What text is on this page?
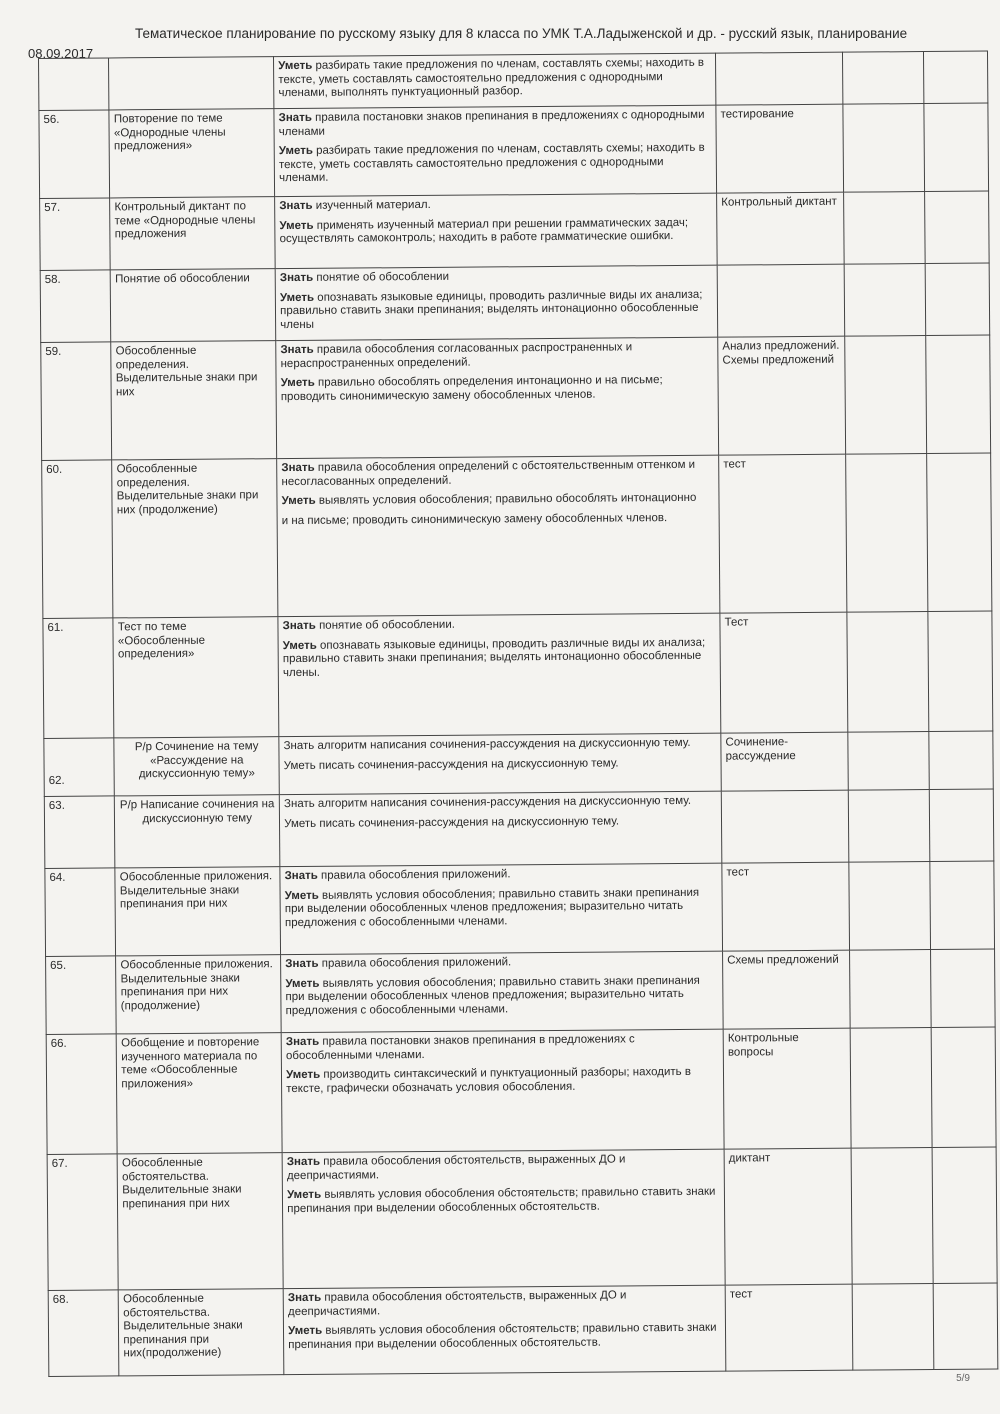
08.09.2017
Тематическое планирование по русскому языку для 8 класса по УМК Т.А.Ладыженской и др. - русский язык, планирование

		Уметь разбирать такие предложения по членам, составлять схемы; находить в тексте, уметь составлять самостоятельно предложения с однородными членами, выполнять пунктуационный разбор.			

56.	Повторение по теме «Однородные члены предложения»	Знать правила постановки знаков препинания в предложениях с однородными членами

Уметь разбирать такие предложения по членам, составлять схемы; находить в тексте, уметь составлять самостоятельно предложения с однородными членами.	тестирование		
57.	Контрольный диктант по теме «Однородные члены предложения	Знать изученный материал.

Уметь применять изученный материал при решении грамматических задач; осуществлять самоконтроль; находить в работе грамматические ошибки.	Контрольный диктант		
58.	Понятие об обособлении	Знать понятие об обособлении

Уметь опознавать языковые единицы, проводить различные виды их анализа; правильно ставить знаки препинания; выделять интонационно обособленные члены			

59.	Обособленные определения. Выделительные знаки при них	Знать правила обособления согласованных распространенных и нераспространенных определений.

Уметь правильно обособлять определения интонационно и на письме; проводить синонимическую замену обособленных членов.	Анализ предложений. Схемы предложений		
60.	Обособленные определения. Выделительные знаки при них (продолжение)	Знать правила обособления определений с обстоятельственным оттенком и несогласованных определений.

Уметь выявлять условия обособления; правильно обособлять интонационно

и на письме; проводить синонимическую замену обособленных членов.	тест		
61.	Тест по теме «Обособленные определения»	Знать понятие об обособлении.

Уметь опознавать языковые единицы, проводить различные виды их анализа; правильно ставить знаки препинания; выделять интонационно обособленные члены.	Тест		
62.	Р/р Сочинение на тему «Рассуждение на дискуссионную тему»	Знать алгоритм написания сочинения-рассуждения на дискуссионную тему.

Уметь писать сочинения-рассуждения на дискуссионную тему.	Сочинение-рассуждение		
63.	Р/р Написание сочинения на дискуссионную тему	Знать алгоритм написания сочинения-рассуждения на дискуссионную тему.

Уметь писать сочинения-рассуждения на дискуссионную тему.			

64.	Обособленные приложения. Выделительные знаки препинания при них	Знать правила обособления приложений.

Уметь выявлять условия обособления; правильно ставить знаки препинания при выделении обособленных членов предложения; выразительно читать предложения с обособленными членами.	тест		
65.	Обособленные приложения. Выделительные знаки препинания при них (продолжение)	Знать правила обособления приложений.

Уметь выявлять условия обособления; правильно ставить знаки препинания при выделении обособленных членов предложения; выразительно читать предложения с обособленными членами.	Схемы предложений		
66.	Обобщение и повторение изученного материала по теме «Обособленные приложения»	Знать правила постановки знаков препинания в предложениях с обособленными членами.

Уметь производить синтаксический и пунктуационный разборы; находить в тексте, графически обозначать условия обособления.	Контрольные вопросы		
67.	Обособленные обстоятельства. Выделительные знаки препинания при них	Знать правила обособления обстоятельств, выраженных ДО и деепричастиями.

Уметь выявлять условия обособления обстоятельств; правильно ставить знаки препинания при выделении обособленных обстоятельств.	диктант		
68.	Обособленные обстоятельства. Выделительные знаки препинания при них(продолжение)	Знать правила обособления обстоятельств, выраженных ДО и деепричастиями.

Уметь выявлять условия обособления обстоятельств; правильно ставить знаки препинания при выделении обособленных обстоятельств.	тест		
5/9
